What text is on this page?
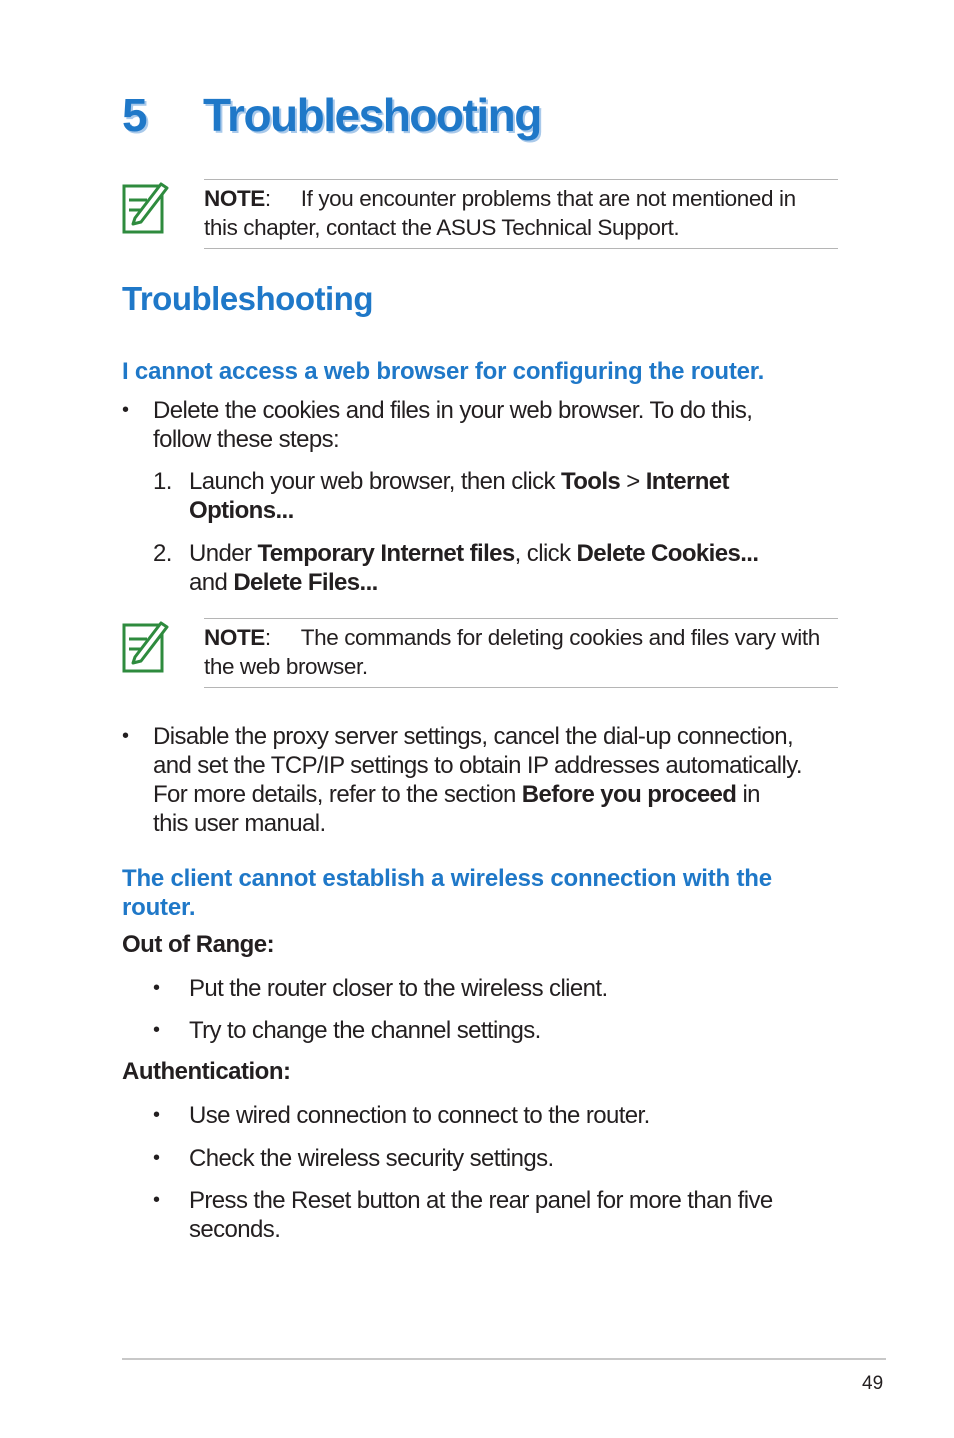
5 Troubleshooting
NOTE: If you encounter problems that are not mentioned in
this chapter, contact the ASUS Technical Support.
Troubleshooting
I cannot access a web browser for configuring the router.
• Delete the cookies and files in your web browser. To do this,
follow these steps:
1. Launch your web browser, then click Tools > Internet
Options...
2. Under Temporary Internet files, click Delete Cookies...
and Delete Files...
NOTE: The commands for deleting cookies and files vary with
the web browser.
• Disable the proxy server settings, cancel the dial-up connection,
and set the TCP/IP settings to obtain IP addresses automatically.
For more details, refer to the section Before you proceed in
this user manual.
The client cannot establish a wireless connection with the
router.
Out of Range:
• Put the router closer to the wireless client.
• Try to change the channel settings.
Authentication:
• Use wired connection to connect to the router.
• Check the wireless security settings.
• Press the Reset button at the rear panel for more than five
seconds.
49
